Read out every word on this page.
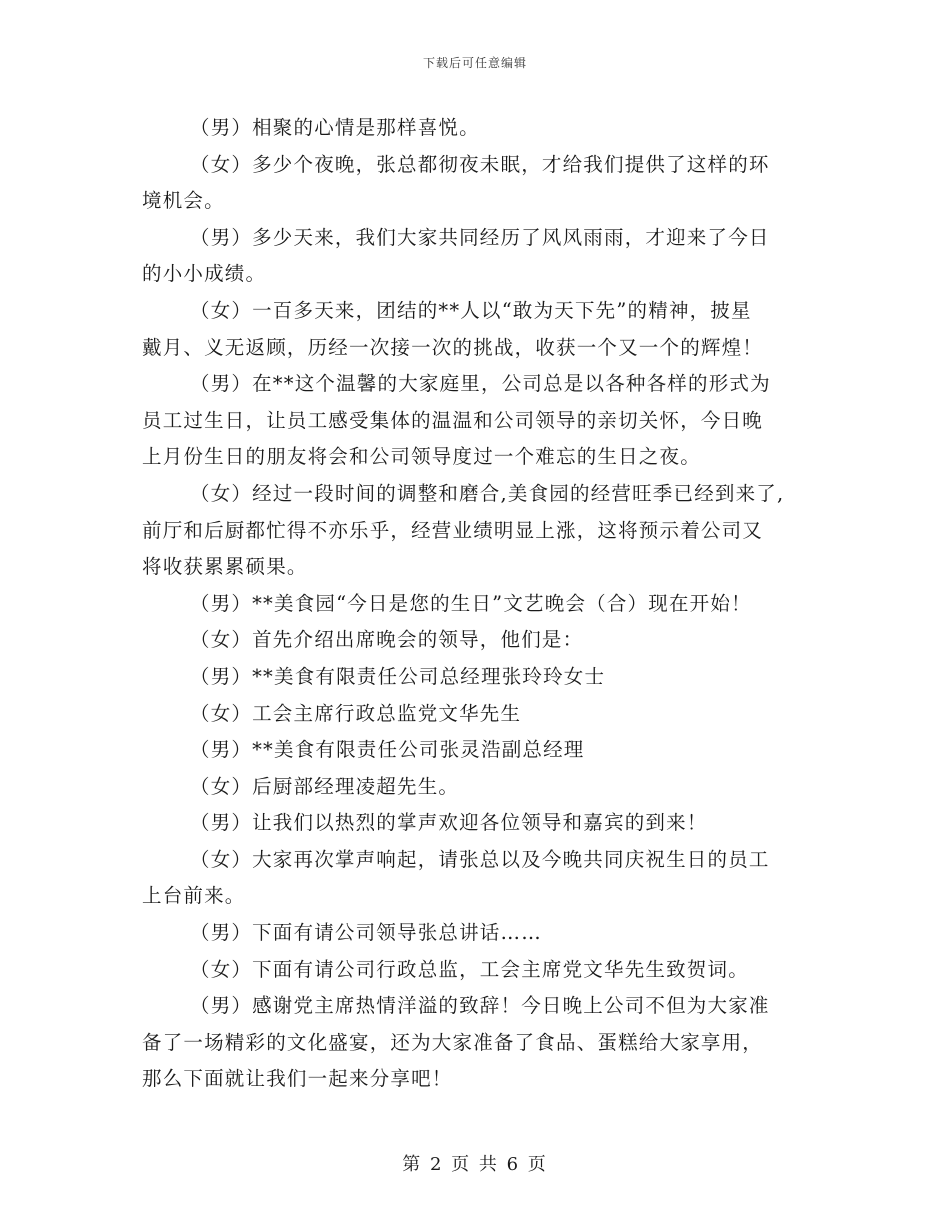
下载后可任意编辑

（男）相聚的心情是那样喜悦。

（女）多少个夜晚，张总都彻夜未眠，才给我们提供了这样的环
境机会。

（男）多少天来，我们大家共同经历了风风雨雨，才迎来了今日
的小小成绩。

（女）一百多天来，团结的**人以“敢为天下先”的精神，披星
戴月、义无返顾，历经一次接一次的挑战，收获一个又一个的辉煌！

（男）在**这个温馨的大家庭里，公司总是以各种各样的形式为
员工过生日，让员工感受集体的温温和公司领导的亲切关怀，今日晚
上月份生日的朋友将会和公司领导度过一个难忘的生日之夜。

（女）经过一段时间的调整和磨合,美食园的经营旺季已经到来了,
前厅和后厨都忙得不亦乐乎，经营业绩明显上涨，这将预示着公司又
将收获累累硕果。

（男）**美食园“今日是您的生日”文艺晚会（合）现在开始！

（女）首先介绍出席晚会的领导，他们是：

（男）**美食有限责任公司总经理张玲玲女士

（女）工会主席行政总监党文华先生

（男）**美食有限责任公司张灵浩副总经理

（女）后厨部经理凌超先生。

（男）让我们以热烈的掌声欢迎各位领导和嘉宾的到来！

（女）大家再次掌声响起，请张总以及今晚共同庆祝生日的员工
上台前来。

（男）下面有请公司领导张总讲话……

（女）下面有请公司行政总监，工会主席党文华先生致贺词。

（男）感谢党主席热情洋溢的致辞！今日晚上公司不但为大家准
备了一场精彩的文化盛宴，还为大家准备了食品、蛋糕给大家享用，
那么下面就让我们一起来分享吧！

第 2 页 共 6 页
